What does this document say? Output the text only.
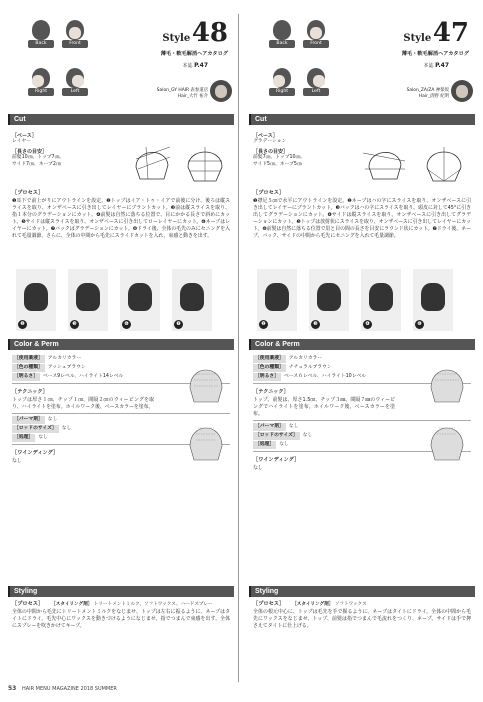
Back	Front
Right	Left
Style 48
薄毛・軟毛解消ヘアカタログ
本誌 P.47
Salon_GY HAIR 表参道店
Hair_大竹 祐介
Cut
［ベース］
レイヤー
［長さの目安］
前髪10㎝、トップ7㎝、
サイド7㎝、ネープ2㎝
［プロセス］
❶耳下で前上がりにアウトラインを設定。❷トップはイア・トゥ・イアで前後に分け、後ろは縦スライスを取り、オンザベースに引き出してレイヤーにブラントカット。❸前は縦スライスを取り、指１本分のグラデーションにカット。❹前髪は自然に落ちる位置で、目にかかる長さで斜めにカット。❺サイドは縦スライスを取り、オンザベースに引き出してローレイヤーにカット。❻ネープはレイヤーにカット。❼バックはグラデーションにカット。❽ドライ後、全体の毛先のみにセニングを入れて毛量調節。さらに、全体の中間から毛先にスライドカットを入れ、束感と動きを出す。
❷	❸	❻	❼
Color & Perm
［使用薬液］	アルカリカラー
［色の種類］	アッシュブラウン
［明るさ］	ベース9レベル、ハイライト14レベル
［テクニック］
トップは厚さ１㎝、チップ１㎝、間隔２㎝のウィービングを取り、ハイライトを塗布。ホイルワーク後、ベースカラーを塗布。
［パーマ剤］	なし
［ロッドのサイズ］	なし
［処理］	なし
［ワインディング］
なし
Styling
［プロセス］ ［スタイリング剤］ トリートメントミルク、ソフトワックス、ハードスプレー
全体の中間から毛先にトリートメントミルクをなじませ、トップは左右に振るように、ネープはタイトにドライ。毛先中心にワックスを動きづけるようになじませ、指でつまんで束感を出す。全体にスプレーを吹きかけてキープ。
Back	Front
Right	Left
Style 47
薄毛・軟毛解消ヘアカタログ
本誌 P.47
Salon_ZA/ZA 神楽坂
Hair_清野 紀明
Cut
［ベース］
グラデーション
［長さの目安］
前髪7㎝、トップ10㎝、
サイド5㎝、ネープ5㎝
［プロセス］
❶襟足５㎝で水平にアウトラインを設定。❷ネープはハの字にスライスを取り、オンザベースに引き出してレイヤーにブラントカット。❸バックはハの字にスライスを取り、頭皮に対して45°に引き出してグラデーションにカット。❹サイドは縦スライスを取り、オンザベースに引き出してグラデーションにカット。❺トップは放射状にスライスを取り、オンザベースに引き出してレイヤーにカット。❻前髪は自然に落ちる位置で眉と目の間の長さを目安にラウンド状にカット。❼ドライ後、ネープ、バック、サイドの中間から毛先にセニングを入れて毛量調節。
❷	❸	❹	❻
Color & Perm
［使用薬液］	アルカリカラー
［色の種類］	ナチュラルブラウン
［明るさ］	ベース６レベル、ハイライト10レベル
［テクニック］
トップ、前髪は、厚さ1.5㎝、チップ３㎜、間隔７㎜のウィービングでハイライトを塗布。ホイルワーク後、ベースカラーを塗布。
［パーマ剤］	なし
［ロッドのサイズ］	なし
［処理］	なし
［ワインディング］
なし
Styling
［プロセス］ ［スタイリング剤］ ソフトワックス
全体の根元中心に、トップは毛先を手で握るように、ネープはタイトにドライ。全体の中間から毛先にワックスをなじませ、トップ、前髪は指でつまんで毛流れをつくり、ネープ、サイドは手で押さえてタイトに仕上げる。
53 HAIR MENU MAGAZINE 2018 SUMMER
